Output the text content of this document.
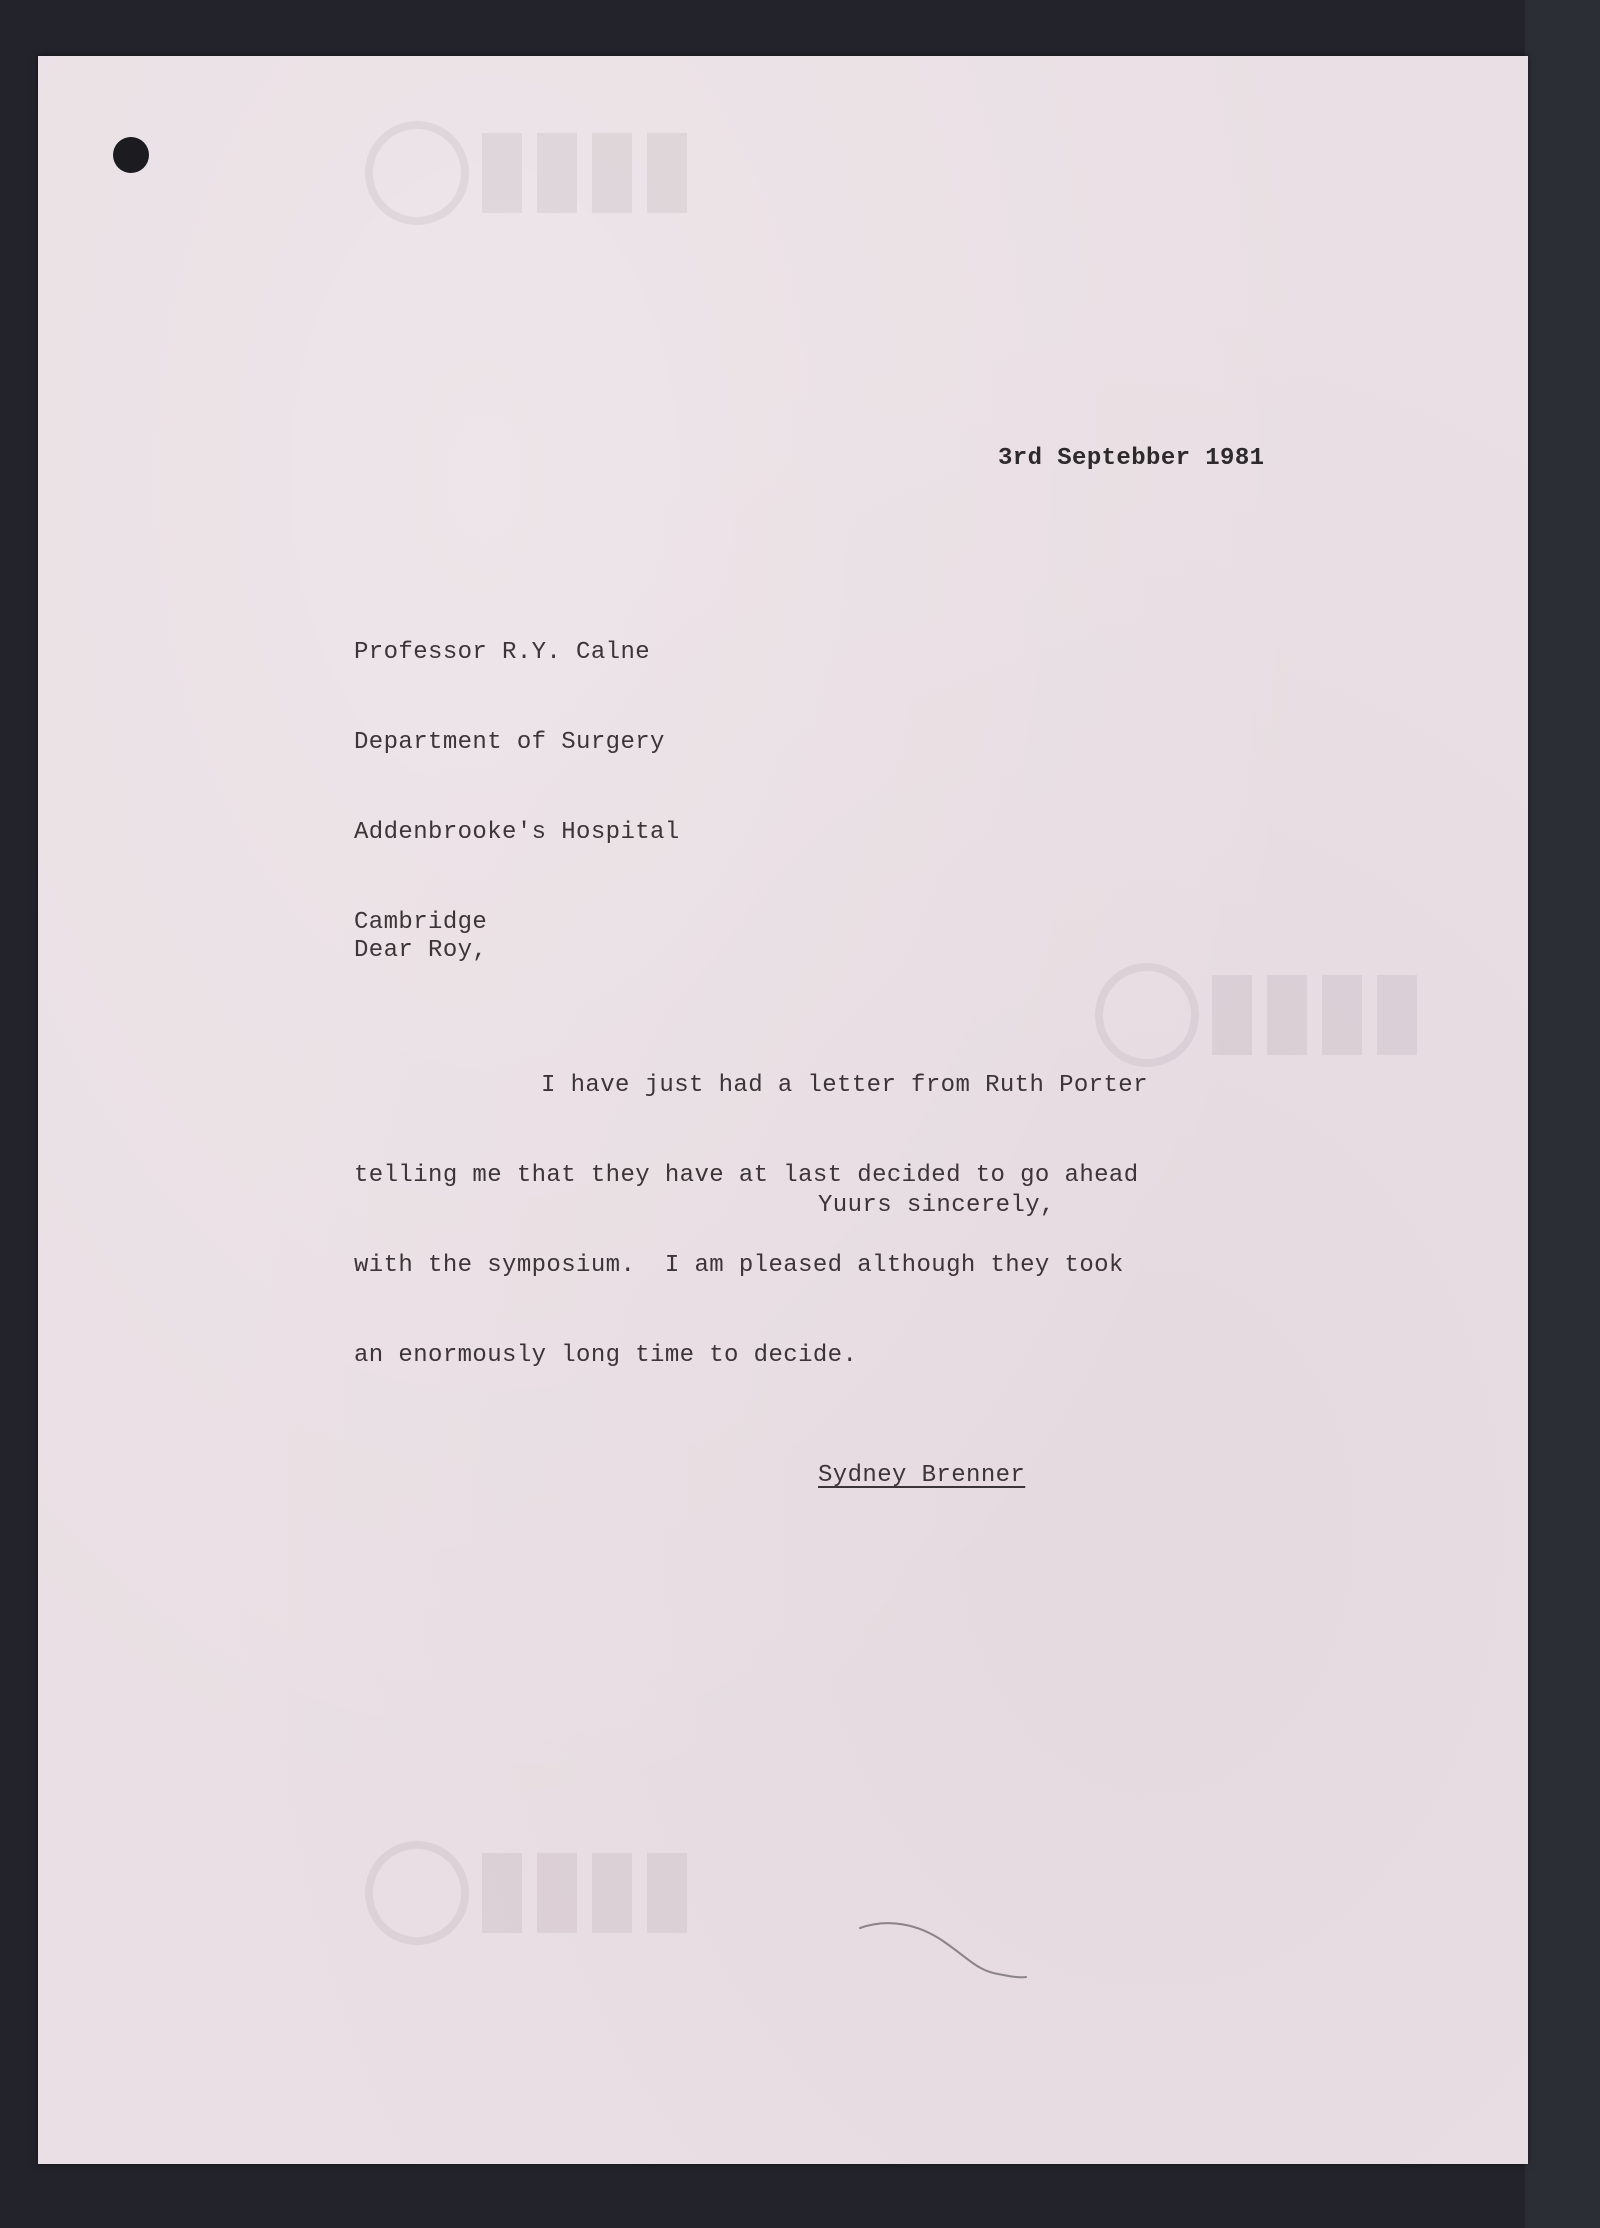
3rd Septebber 1981

Professor R.Y. Calne

Department of Surgery

Addenbrooke's Hospital

Cambridge

Dear Roy,

I have just had a letter from Ruth Porter

telling me that they have at last decided to go ahead

with the symposium.  I am pleased although they took

an enormously long time to decide.

Yuurs sincerely,
Sydney Brenner
